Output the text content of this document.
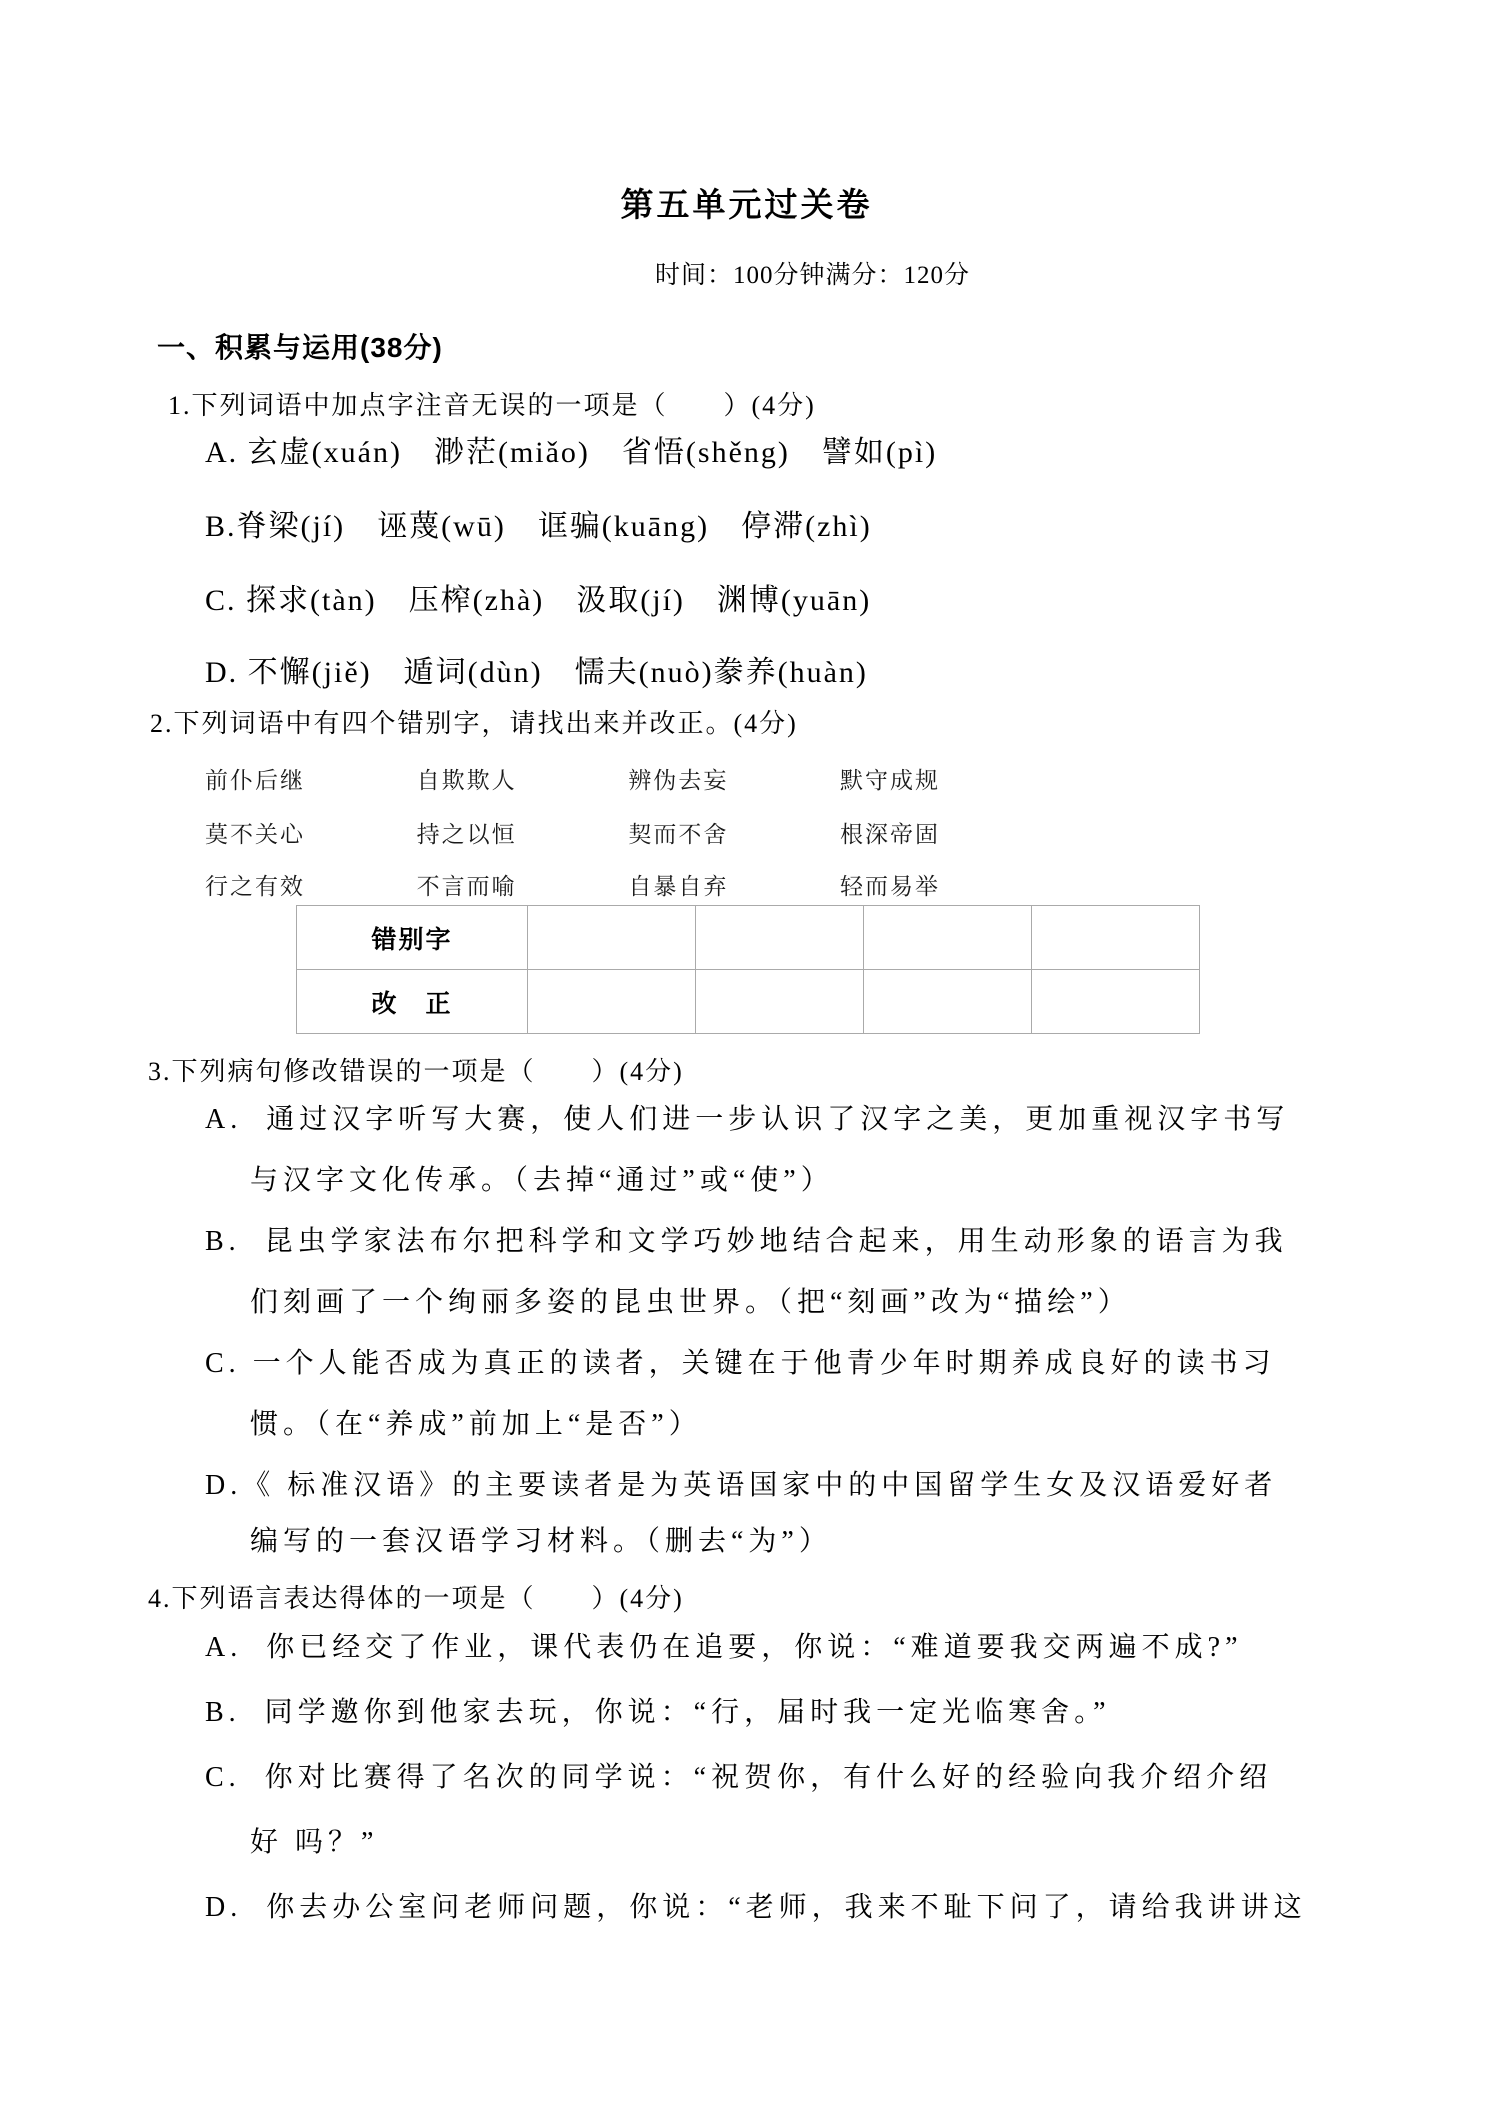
第五单元过关卷
时间：100分钟满分：120分
一、积累与运用(38分)
1.下列词语中加点字注音无误的一项是（　　）(4分)
A. 玄虚(xuán)　渺茫(miǎo)　省悟(shěng)　譬如(pì)
B.脊梁(jí)　诬蔑(wū)　诓骗(kuāng)　停滞(zhì)
C. 探求(tàn)　压榨(zhà)　汲取(jí)　渊博(yuān)
D. 不懈(jiě)　遁词(dùn)　懦夫(nuò)豢养(huàn)
2.下列词语中有四个错别字，请找出来并改正。(4分)
前仆后继	自欺欺人	辨伪去妄	默守成规
莫不关心	持之以恒	契而不舍	根深帝固
行之有效	不言而喻	自暴自弃	轻而易举
错别字				
改　正				
3.下列病句修改错误的一项是（　　）(4分)
A.  通过汉字听写大赛，使人们进一步认识了汉字之美，更加重视汉字书写
与汉字文化传承。（去掉“通过”或“使”）
B.  昆虫学家法布尔把科学和文学巧妙地结合起来，用生动形象的语言为我
们刻画了一个绚丽多姿的昆虫世界。（把“刻画”改为“描绘”）
C. 一个人能否成为真正的读者，关键在于他青少年时期养成良好的读书习
惯。（在“养成”前加上“是否”）
D.《 标准汉语》的主要读者是为英语国家中的中国留学生女及汉语爱好者
编写的一套汉语学习材料。（删去“为”）
4.下列语言表达得体的一项是（　　）(4分)
A.  你已经交了作业，课代表仍在追要，你说：“难道要我交两遍不成?”
B.  同学邀你到他家去玩，你说：“行，届时我一定光临寒舍。”
C.  你对比赛得了名次的同学说：“祝贺你，有什么好的经验向我介绍介绍
好 吗？”
D.  你去办公室问老师问题，你说：“老师，我来不耻下问了，请给我讲讲这
